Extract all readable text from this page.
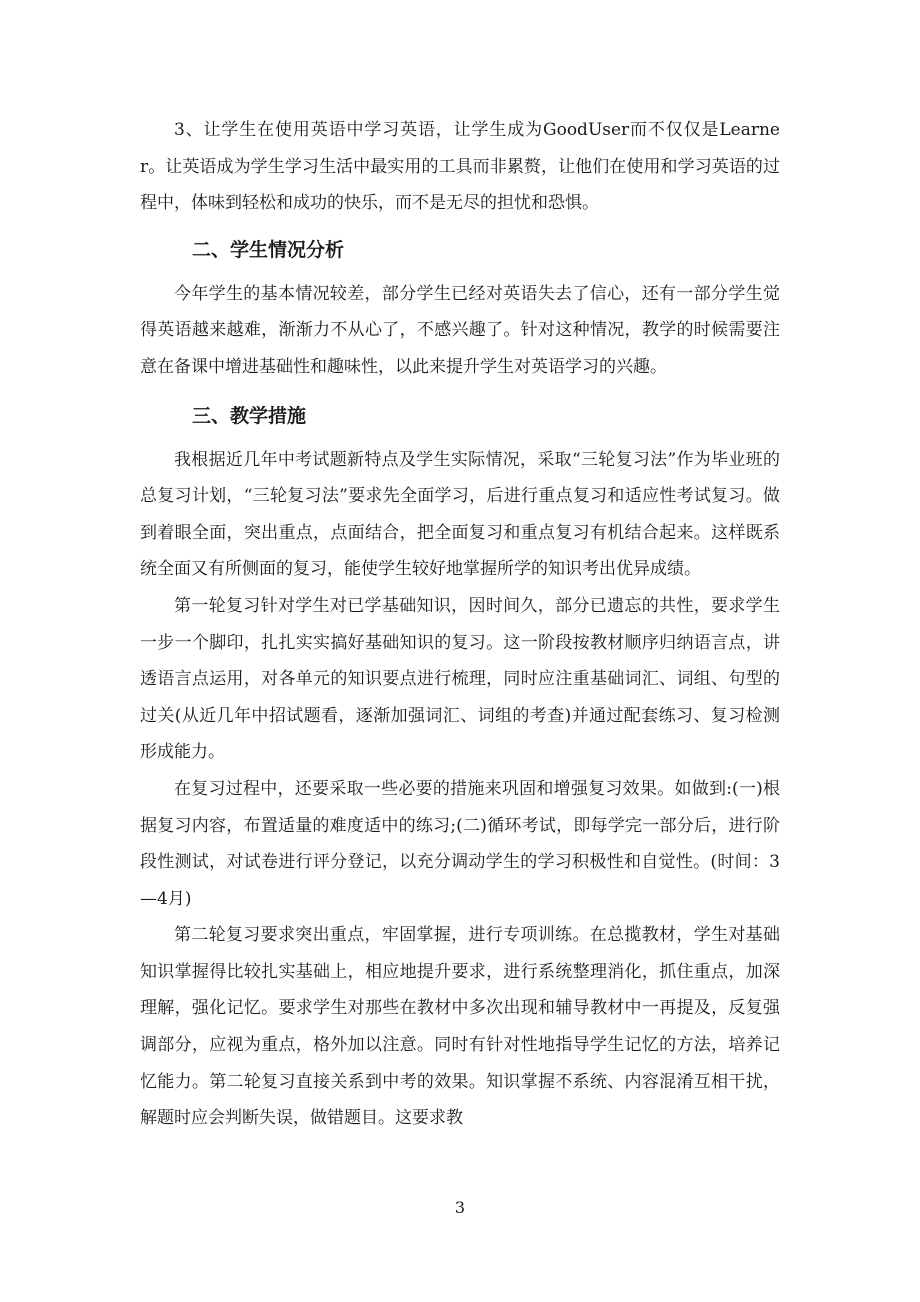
3、让学生在使用英语中学习英语，让学生成为GoodUser而不仅仅是Learner。让英语成为学生学习生活中最实用的工具而非累赘，让他们在使用和学习英语的过程中，体味到轻松和成功的快乐，而不是无尽的担忧和恐惧。

二、学生情况分析

今年学生的基本情况较差，部分学生已经对英语失去了信心，还有一部分学生觉得英语越来越难，渐渐力不从心了，不感兴趣了。针对这种情况，教学的时候需要注意在备课中增进基础性和趣味性，以此来提升学生对英语学习的兴趣。

三、教学措施

我根据近几年中考试题新特点及学生实际情况，采取“三轮复习法”作为毕业班的总复习计划，“三轮复习法”要求先全面学习，后进行重点复习和适应性考试复习。做到着眼全面，突出重点，点面结合，把全面复习和重点复习有机结合起来。这样既系统全面又有所侧面的复习，能使学生较好地掌握所学的知识考出优异成绩。

第一轮复习针对学生对已学基础知识，因时间久，部分已遗忘的共性，要求学生一步一个脚印，扎扎实实搞好基础知识的复习。这一阶段按教材顺序归纳语言点，讲透语言点运用，对各单元的知识要点进行梳理，同时应注重基础词汇、词组、句型的过关(从近几年中招试题看，逐渐加强词汇、词组的考查)并通过配套练习、复习检测形成能力。

在复习过程中，还要采取一些必要的措施来巩固和增强复习效果。如做到:(一)根据复习内容，布置适量的难度适中的练习;(二)循环考试，即每学完一部分后，进行阶段性测试，对试卷进行评分登记，以充分调动学生的学习积极性和自觉性。(时间：3—4月)

第二轮复习要求突出重点，牢固掌握，进行专项训练。在总揽教材，学生对基础知识掌握得比较扎实基础上，相应地提升要求，进行系统整理消化，抓住重点，加深理解，强化记忆。要求学生对那些在教材中多次出现和辅导教材中一再提及，反复强调部分，应视为重点，格外加以注意。同时有针对性地指导学生记忆的方法，培养记忆能力。第二轮复习直接关系到中考的效果。知识掌握不系统、内容混淆互相干扰，解题时应会判断失误，做错题目。这要求教

3
